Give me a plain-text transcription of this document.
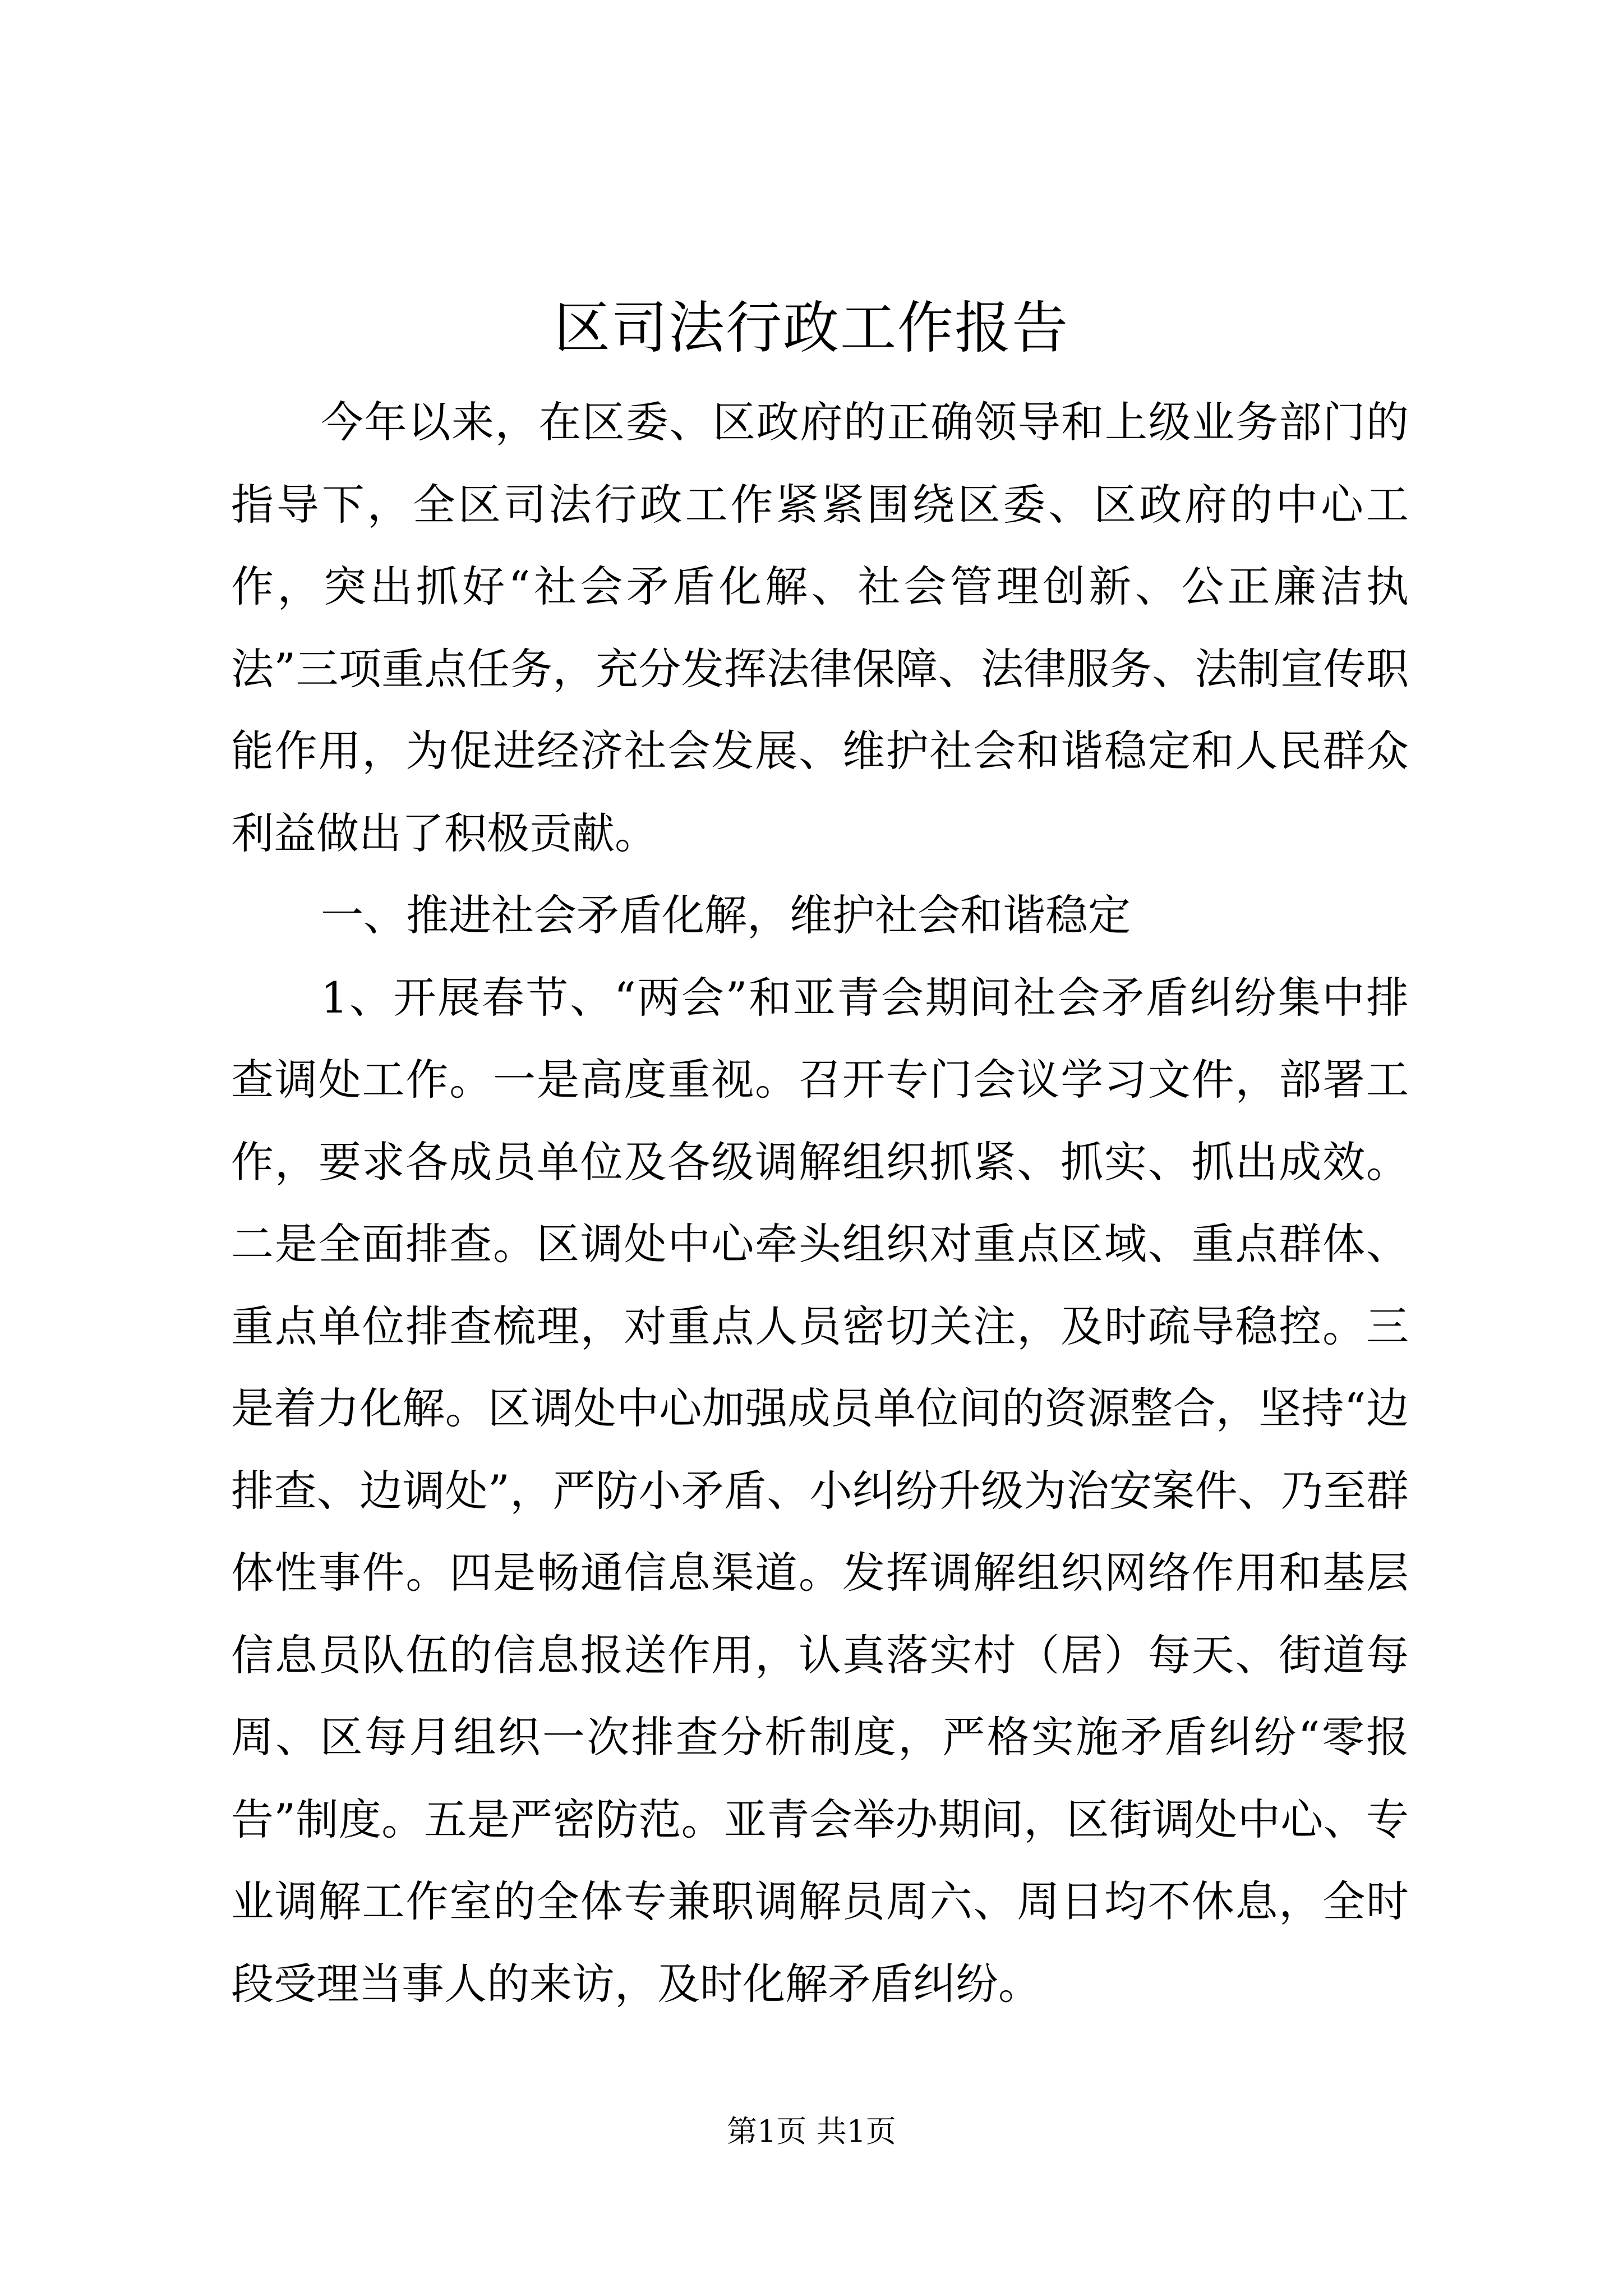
区司法行政工作报告

今年以来，在区委、区政府的正确领导和上级业务部门的指导下，全区司法行政工作紧紧围绕区委、区政府的中心工作，突出抓好“社会矛盾化解、社会管理创新、公正廉洁执法”三项重点任务，充分发挥法律保障、法律服务、法制宣传职能作用，为促进经济社会发展、维护社会和谐稳定和人民群众利益做出了积极贡献。

一、推进社会矛盾化解，维护社会和谐稳定

1、开展春节、“两会”和亚青会期间社会矛盾纠纷集中排查调处工作。一是高度重视。召开专门会议学习文件，部署工作，要求各成员单位及各级调解组织抓紧、抓实、抓出成效。二是全面排查。区调处中心牵头组织对重点区域、重点群体、重点单位排查梳理，对重点人员密切关注，及时疏导稳控。三是着力化解。区调处中心加强成员单位间的资源整合，坚持“边排查、边调处”，严防小矛盾、小纠纷升级为治安案件、乃至群体性事件。四是畅通信息渠道。发挥调解组织网络作用和基层信息员队伍的信息报送作用，认真落实村（居）每天、街道每周、区每月组织一次排查分析制度，严格实施矛盾纠纷“零报告”制度。五是严密防范。亚青会举办期间，区街调处中心、专业调解工作室的全体专兼职调解员周六、周日均不休息，全时段受理当事人的来访，及时化解矛盾纠纷。

第1页 共1页
